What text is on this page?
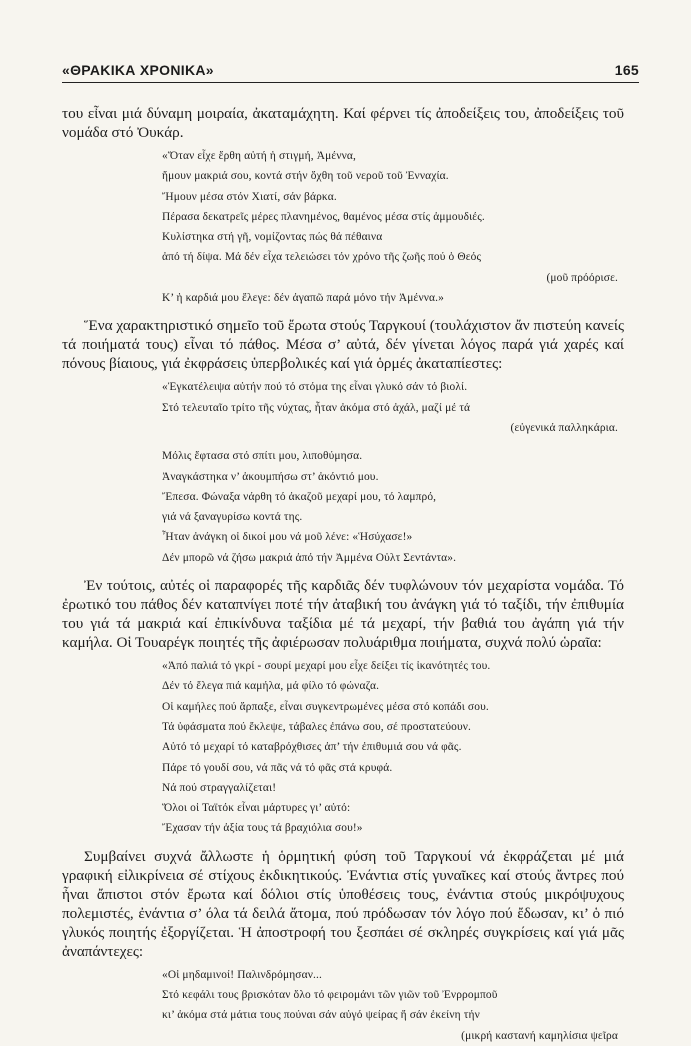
«ΘΡΑΚΙΚΑ ΧΡΟΝΙΚΑ»	165

του εἶναι μιά δύναμη μοιραία, ἀκαταμάχητη. Καί φέρνει τίς ἀποδείξεις του, ἀποδείξεις τοῦ νομάδα στό Ὀυκάρ.

«Ὅταν εἶχε ἔρθη αὐτή ἡ στιγμή, Ἀμέννα,
ἤμουν μακριά σου, κοντά στήν ὄχθη τοῦ νεροῦ τοῦ Ἐνναχία.
Ἤμουν μέσα στόν Χιατί, σάν βάρκα.
Πέρασα δεκατρεῖς μέρες πλανημένος, θαμένος μέσα στίς ἀμμουδιές.
Κυλίστηκα στή γῆ, νομίζοντας πώς θά πέθαινα
ἀπό τή δίψα. Μά δέν εἶχα τελειώσει τόν χρόνο τῆς ζωῆς πού ὁ Θεός
(μοῦ πρόόρισε.
Κ’ ἡ καρδιά μου ἔλεγε: δέν ἀγαπῶ παρά μόνο τήν Ἀμέννα.»

Ἕνα χαρακτηριστικό σημεῖο τοῦ ἔρωτα στούς Ταργκουί (τουλάχιστον ἄν πιστεύη κανείς τά ποιήματά τους) εἶναι τό πάθος. Μέσα σ’ αὐτά, δέν γίνεται λόγος παρά γιά χαρές καί πόνους βίαιους, γιά ἐκφράσεις ὑπερβολικές καί γιά ὁρμές ἀκαταπίεστες:

«Ἐγκατέλειψα αὐτήν πού τό στόμα της εἶναι γλυκό σάν τό βιολί.
Στό τελευταῖο τρίτο τῆς νύχτας, ἦταν ἀκόμα στό ἀχάλ, μαζί μέ τά
(εὐγενικά παλληκάρια.
Μόλις ἔφτασα στό σπίτι μου, λιποθύμησα.
Ἀναγκάστηκα ν’ ἀκουμπήσω στ’ ἀκόντιό μου.
Ἔπεσα. Φώναξα νάρθη τό ἀκαζοῦ μεχαρί μου, τό λαμπρό,
γιά νά ξαναγυρίσω κοντά της.
Ἦταν ἀνάγκη οἱ δικοί μου νά μοῦ λένε: «Ἡσύχασε!»
Δέν μπορῶ νά ζήσω μακριά ἀπό τήν Ἀμμένα Οὐλτ Σεντάντα».

Ἐν τούτοις, αὐτές οἱ παραφορές τῆς καρδιᾶς δέν τυφλώνουν τόν μεχαρίστα νομάδα. Τό ἐρωτικό του πάθος δέν καταπνίγει ποτέ τήν ἀταβική του ἀνάγκη γιά τό ταξίδι, τήν ἐπιθυμία του γιά τά μακριά καί ἐπικίνδυνα ταξίδια μέ τά μεχαρί, τήν βαθιά του ἀγάπη γιά τήν καμήλα. Οἱ Τουαρέγκ ποιητές τῆς ἀφιέρωσαν πολυάριθμα ποιήματα, συχνά πολύ ὡραῖα:

«Ἀπό παλιά τό γκρί - σουρί μεχαρί μου εἶχε δείξει τίς ἱκανότητές του.
Δέν τό ἔλεγα πιά καμήλα, μά φίλο τό φώναζα.
Οἱ καμήλες πού ἅρπαξε, εἶναι συγκεντρωμένες μέσα στό κοπάδι σου.
Τά ὑφάσματα πού ἔκλεψε, τάβαλες ἐπάνω σου, σέ προστατεύουν.
Αὐτό τό μεχαρί τό καταβρόχθισες ἀπ’ τήν ἐπιθυμιά σου νά φᾶς.
Πάρε τό γουδί σου, νά πᾶς νά τό φᾶς στά κρυφά.
Νά πού στραγγαλίζεται!
Ὅλοι οἱ Ταϊτόκ εἶναι μάρτυρες γι’ αὐτό:
Ἔχασαν τήν ἀξία τους τά βραχιόλια σου!»

Συμβαίνει συχνά ἄλλωστε ἡ ὁρμητική φύση τοῦ Ταργκουί νά ἐκφράζεται μέ μιά γραφική εἰλικρίνεια σέ στίχους ἐκδικητικούς. Ἐνάντια στίς γυναῖκες καί στούς ἄντρες πού ἦναι ἄπιστοι στόν ἔρωτα καί δόλιοι στίς ὑποθέσεις τους, ἐνάντια στούς μικρόψυχους πολεμιστές, ἐνάντια σ’ όλα τά δειλά ἄτομα, πού πρόδωσαν τόν λόγο πού ἔδωσαν, κι’ ὁ πιό γλυκός ποιητής ἐξοργίζεται. Ἡ ἀποστροφή του ξεσπάει σέ σκληρές συγκρίσεις καί γιά μᾶς ἀναπάντεχες:

«Οἱ μηδαμινοί! Παλινδρόμησαν...
Στό κεφάλι τους βρισκόταν ὅλο τό φειρομάνι τῶν γιῶν τοῦ Ἐνρρομποῦ
κι’ ἀκόμα στά μάτια τους πούναι σάν αὐγό ψείρας ἤ σάν ἐκείνη τήν
(μικρή καστανή καμηλίσια ψεῖρα
